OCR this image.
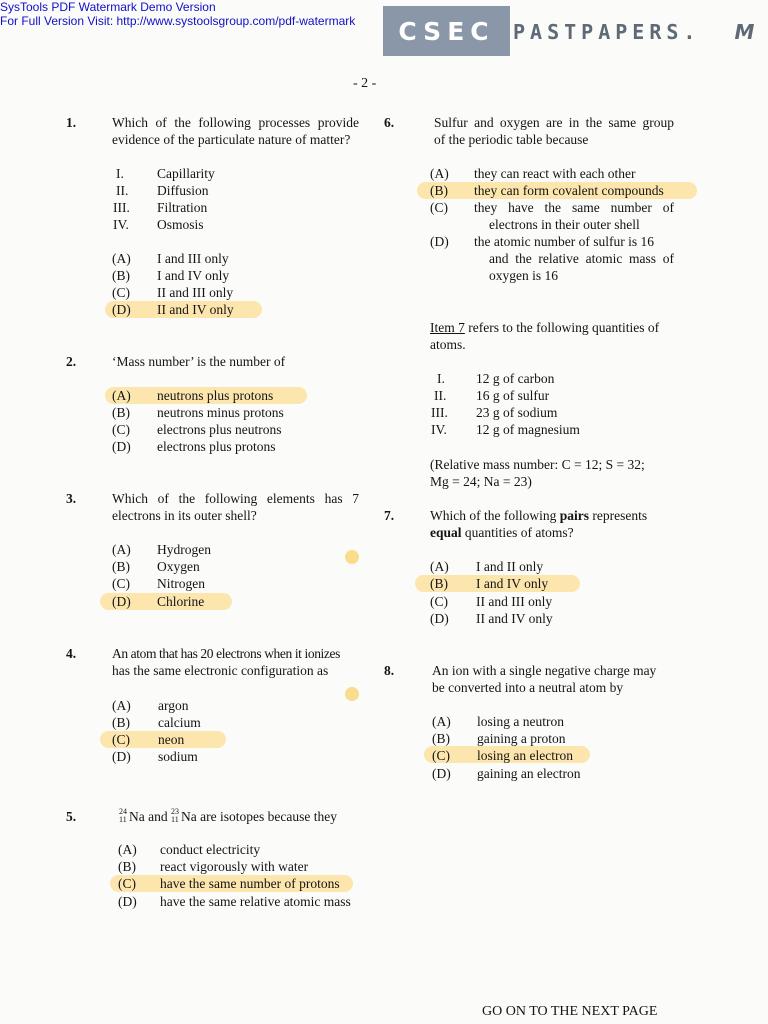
SysTools PDF Watermark Demo Version
For Full Version Visit: http://www.systoolsgroup.com/pdf-watermark CSEC PASTPAPERS. M
- 2 -
1.	Which of the following processes provide
evidence of the particulate nature of matter?
I. Capillarity
II. Diffusion
III. Filtration
IV. Osmosis
(A) I and III only
(B) I and IV only
(C) II and III only
(D) II and IV only
2.	‘Mass number’ is the number of
(A) neutrons plus protons
(B) neutrons minus protons
(C) electrons plus neutrons
(D) electrons plus protons
3.	Which of the following elements has 7
electrons in its outer shell?
(A) Hydrogen
(B) Oxygen
(C) Nitrogen
(D) Chlorine
4.	An atom that has 20 electrons when it ionizes
has the same electronic configuration as
(A) argon
(B) calcium
(C) neon
(D) sodium
5.	24
11 Na and 23
11 Na are isotopes because they
(A) conduct electricity
(B) react vigorously with water
(C) have the same number of protons
(D) have the same relative atomic mass
6.	Sulfur and oxygen are in the same group
of the periodic table because
(A) they can react with each other
(B) they can form covalent compounds
(C) they have the same number of
electrons in their outer shell
(D) the atomic number of sulfur is 16
and the relative atomic mass of
oxygen is 16
Item 7 refers to the following quantities of
atoms.
I. 12 g of carbon
II. 16 g of sulfur
III. 23 g of sodium
IV. 12 g of magnesium
(Relative mass number: C = 12; S = 32;
Mg = 24; Na = 23)
7.	Which of the following pairs represents
equal quantities of atoms?
(A) I and II only
(B) I and IV only
(C) II and III only
(D) II and IV only
8.	An ion with a single negative charge may
be converted into a neutral atom by
(A) losing a neutron
(B) gaining a proton
(C) losing an electron
(D) gaining an electron
GO ON TO THE NEXT PAGE
